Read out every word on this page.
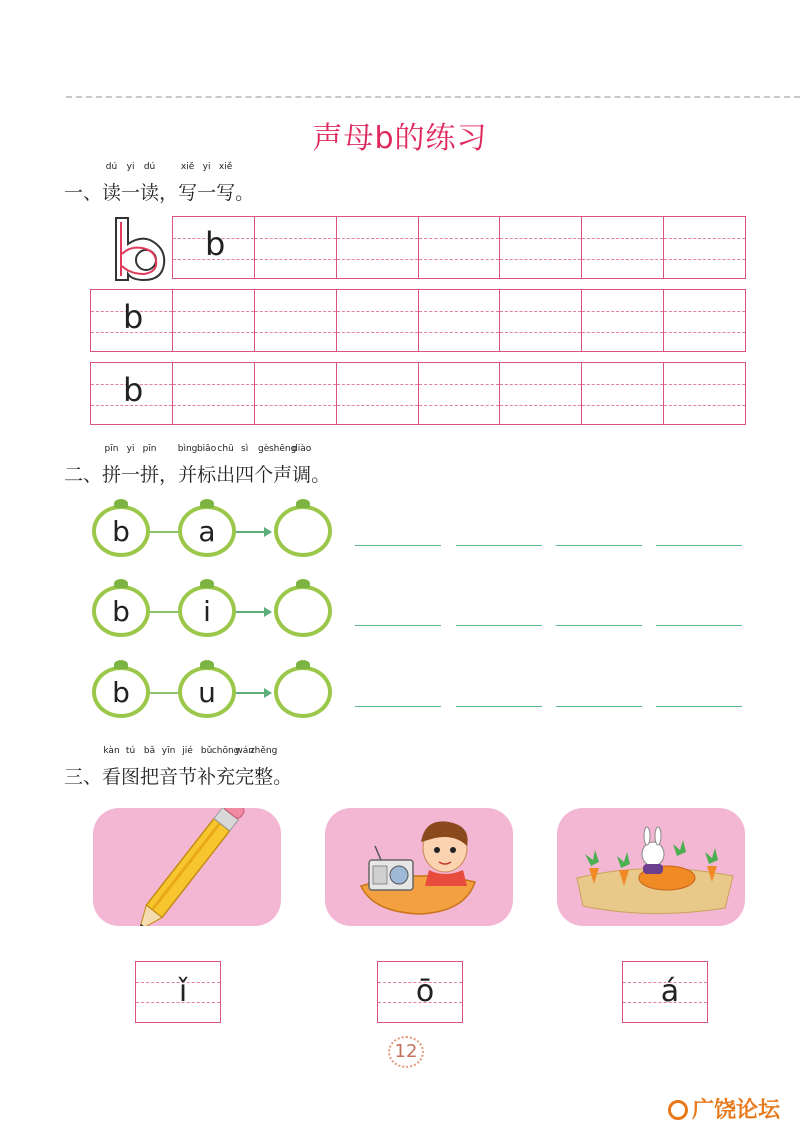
声母b的练习
一、读
dú
一
yi
读
dú
，写
xiě
一
yi
写
xiě
。
b
b
b
二、拼
pīn
一
yi
拼
pīn
，并
bìng
标
biāo
出
chū
四
sì
个
gè
声
shēng
调
diào
。
b	a
b	i
b	u
三、看
kàn
图
tú
把
bǎ
音
yīn
节
jié
补
bǔ
充
chōng
完
wán
整
zhěng
。
ǐ	ō	á
12
广饶论坛
